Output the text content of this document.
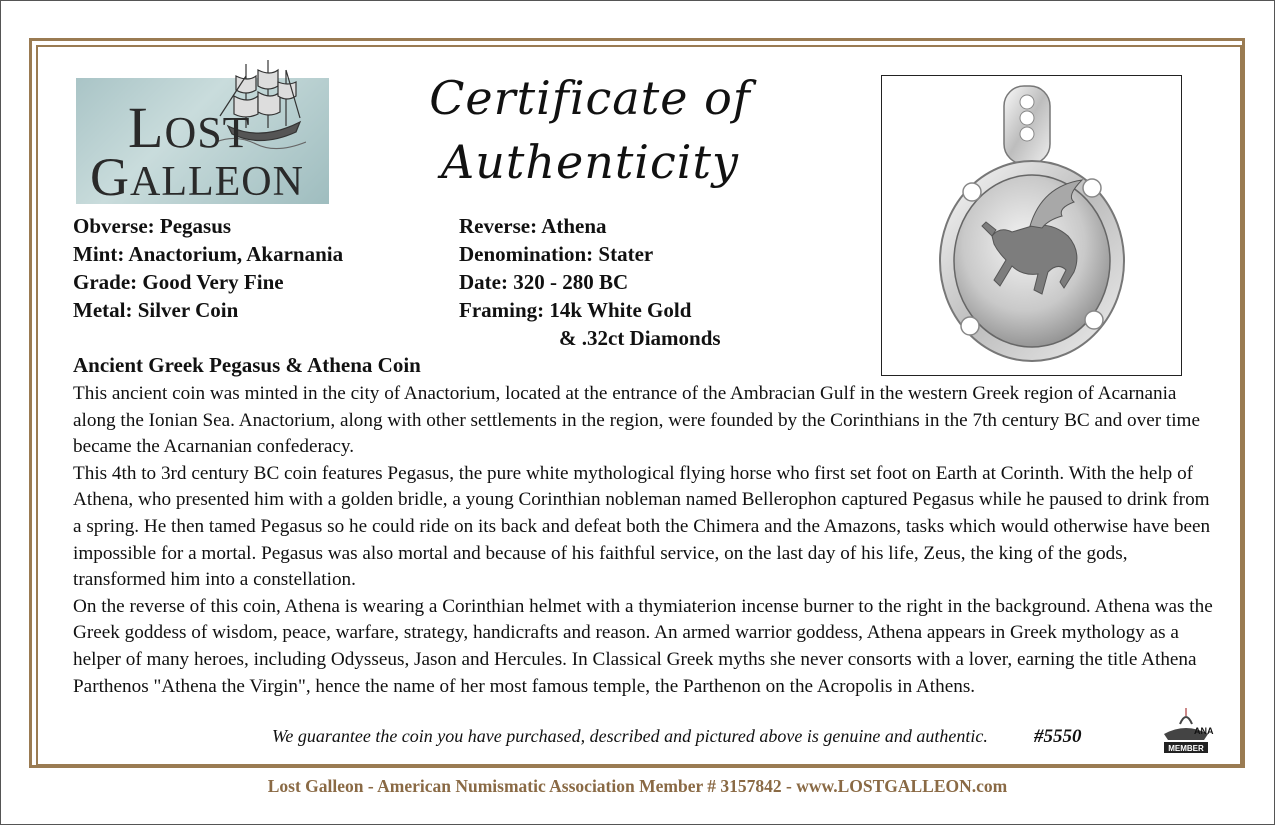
LOST
GALLEON
Certificate of
Authenticity
Obverse: Pegasus
Mint: Anactorium, Akarnania
Grade: Good Very Fine
Metal: Silver Coin
Reverse: Athena
Denomination: Stater
Date: 320 - 280 BC
Framing: 14k White Gold
& .32ct Diamonds
Ancient Greek Pegasus & Athena Coin

This ancient coin was minted in the city of Anactorium, located at the entrance of the Ambracian Gulf in the western Greek region of Acarnania along the Ionian Sea. Anactorium, along with other settlements in the region, were founded by the Corinthians in the 7th century BC and over time became the Acarnanian confederacy.

This 4th to 3rd century BC coin features Pegasus, the pure white mythological flying horse who first set foot on Earth at Corinth. With the help of Athena, who presented him with a golden bridle, a young Corinthian nobleman named Bellerophon captured Pegasus while he paused to drink from a spring. He then tamed Pegasus so he could ride on its back and defeat both the Chimera and the Amazons, tasks which would otherwise have been impossible for a mortal. Pegasus was also mortal and because of his faithful service, on the last day of his life, Zeus, the king of the gods, transformed him into a constellation.

On the reverse of this coin, Athena is wearing a Corinthian helmet with a thymiaterion incense burner to the right in the background. Athena was the Greek goddess of wisdom, peace, warfare, strategy, handicrafts and reason. An armed warrior goddess, Athena appears in Greek mythology as a helper of many heroes, including Odysseus, Jason and Hercules. In Classical Greek myths she never consorts with a lover, earning the title Athena Parthenos "Athena the Virgin", hence the name of her most famous temple, the Parthenon on the Acropolis in Athens.

We guarantee the coin you have purchased, described and pictured above is genuine and authentic. #5550	ANA
MEMBER
Lost Galleon - American Numismatic Association Member # 3157842 - www.LOSTGALLEON.com
